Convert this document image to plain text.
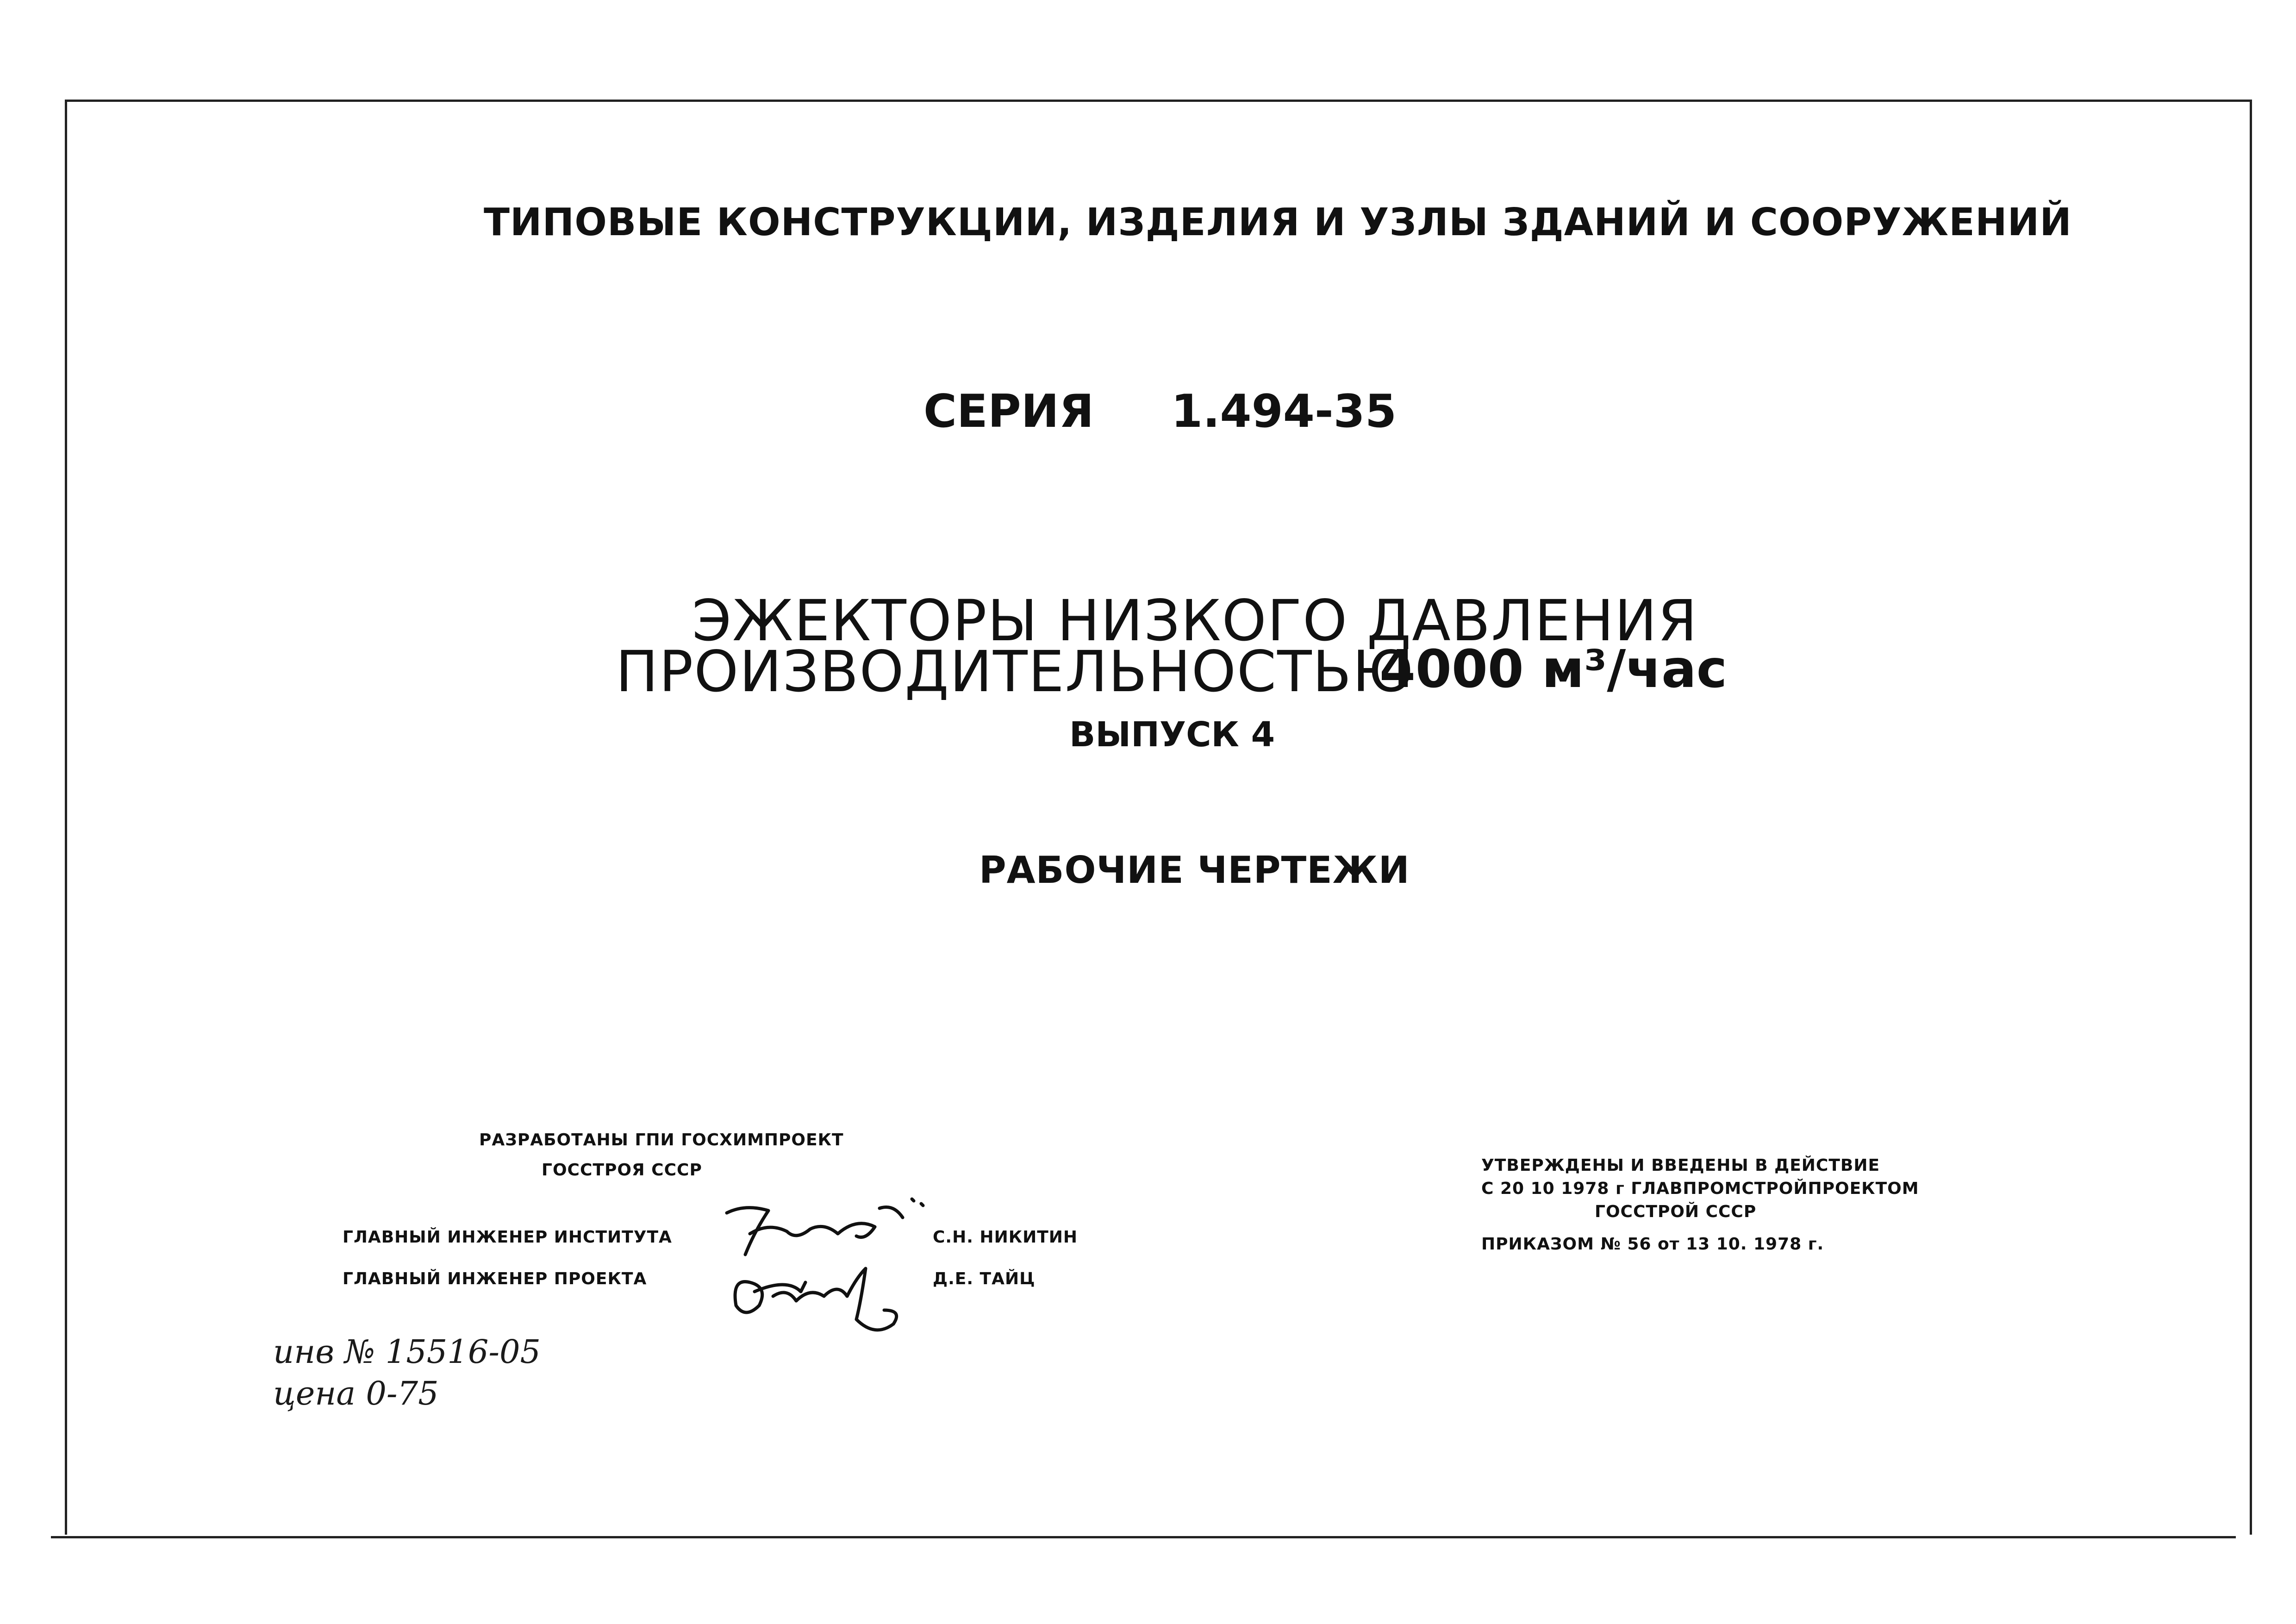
ТИПОВЫЕ КОНСТРУКЦИИ, ИЗДЕЛИЯ И УЗЛЫ ЗДАНИЙ И СООРУЖЕНИЙ
СЕРИЯ 1.494-35
ЭЖЕКТОРЫ НИЗКОГО ДАВЛЕНИЯ
ПРОИЗВОДИТЕЛЬНОСТЬЮ
4000 м³/час
ВЫПУСК 4
РАБОЧИЕ ЧЕРТЕЖИ
РАЗРАБОТАНЫ ГПИ ГОСХИМПРОЕКТ
ГОССТРОЯ СССР
ГЛАВНЫЙ ИНЖЕНЕР ИНСТИТУТА	С.Н. НИКИТИН
ГЛАВНЫЙ ИНЖЕНЕР ПРОЕКТА	Д.Е. ТАЙЦ
УТВЕРЖДЕНЫ И ВВЕДЕНЫ В ДЕЙСТВИЕ
С 20 10 1978 г ГЛАВПРОМСТРОЙПРОЕКТОМ
ГОССТРОЙ СССР
ПРИКАЗОМ № 56 от 13 10. 1978 г.
инв № 15516-05
цена 0-75
